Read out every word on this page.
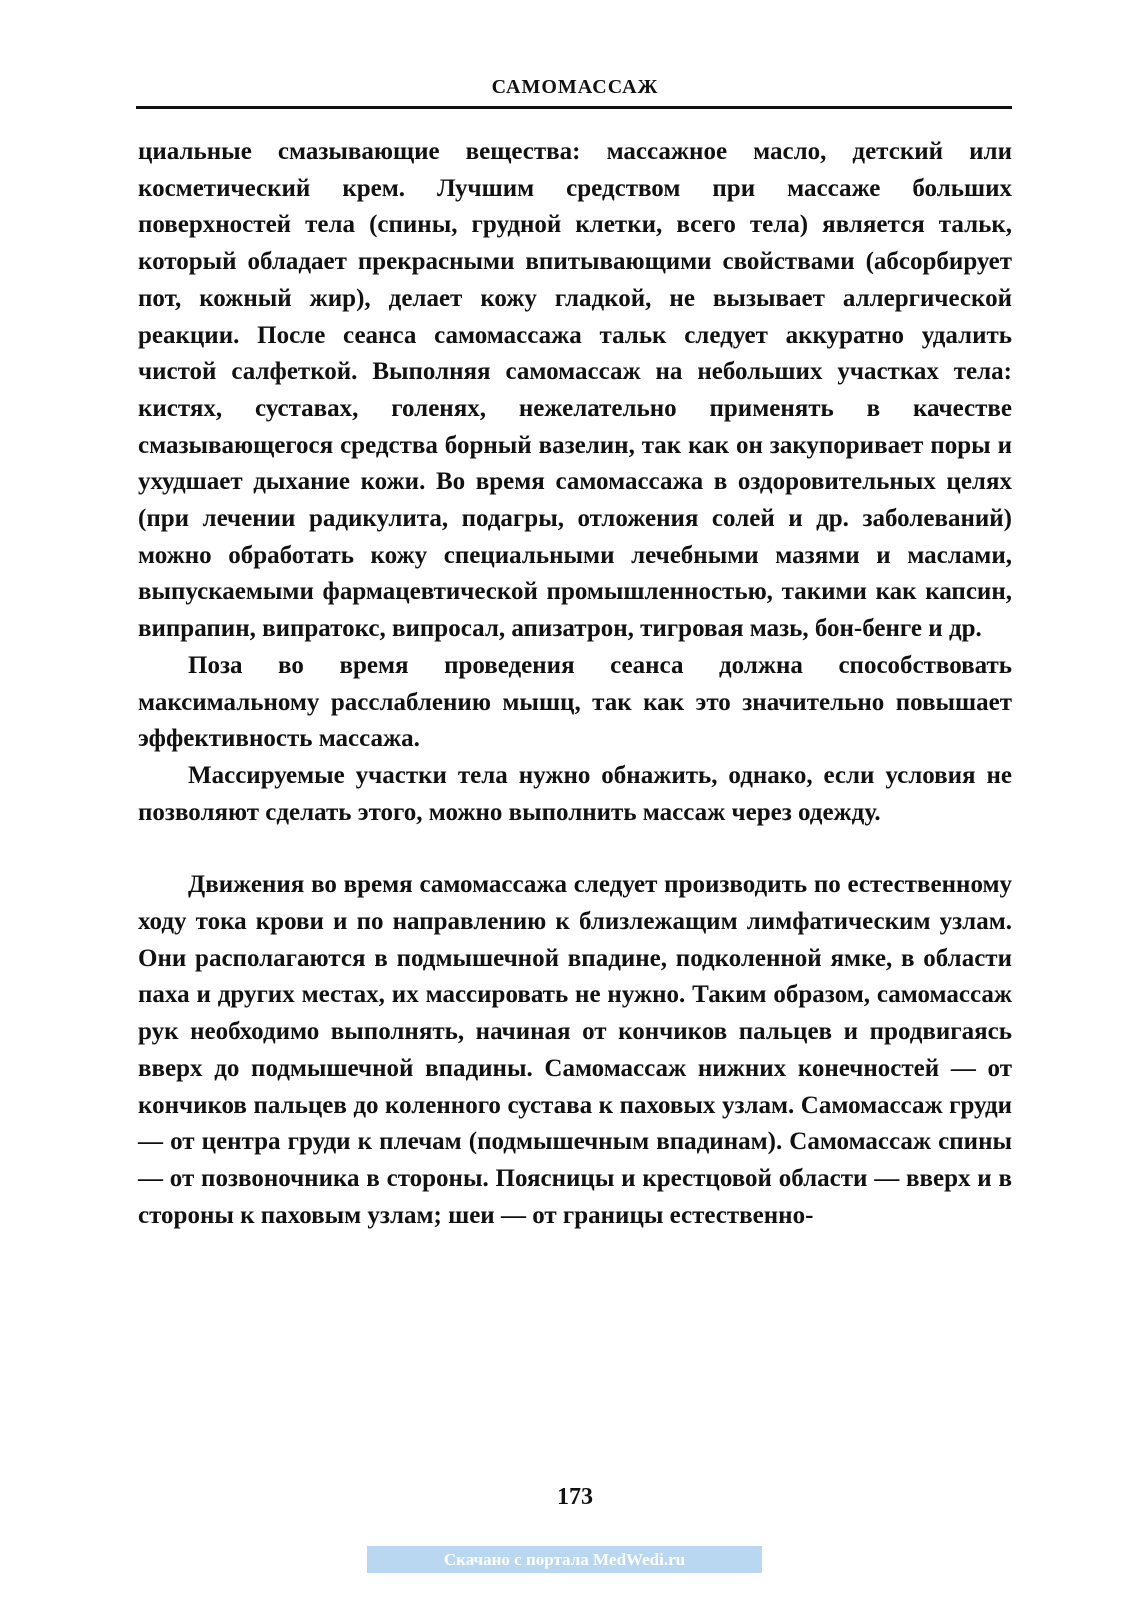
САМОМАССАЖ

циальные смазывающие вещества: массажное масло, детский или косметический крем. Лучшим средством при массаже больших поверхностей тела (спины, грудной клетки, всего тела) является тальк, который обладает прекрасными впитывающими свойствами (абсорбирует пот, кожный жир), делает кожу гладкой, не вызывает аллергической реакции. После сеанса самомассажа тальк следует аккуратно удалить чистой салфеткой. Выполняя самомассаж на небольших участках тела: кистях, суставах, голенях, нежелательно применять в качестве смазывающегося средства борный вазелин, так как он закупоривает поры и ухудшает дыхание кожи. Во время самомассажа в оздоровительных целях (при лечении радикулита, подагры, отложения солей и др. заболеваний) можно обработать кожу специальными лечебными мазями и маслами, выпускаемыми фармацевтической промышленностью, такими как капсин, випрапин, випратокс, випросал, апизатрон, тигровая мазь, бон-бенге и др.

Поза во время проведения сеанса должна способствовать максимальному расслаблению мышц, так как это значительно повышает эффективность массажа.

Массируемые участки тела нужно обнажить, однако, если условия не позволяют сделать этого, можно выполнить массаж через одежду.

Движения во время самомассажа следует производить по естественному ходу тока крови и по направлению к близлежащим лимфатическим узлам. Они располагаются в подмышечной впадине, подколенной ямке, в области паха и других местах, их массировать не нужно. Таким образом, самомассаж рук необходимо выполнять, начиная от кончиков пальцев и продвигаясь вверх до подмышечной впадины. Самомассаж нижних конечностей — от кончиков пальцев до коленного сустава к паховых узлам. Самомассаж груди — от центра груди к плечам (подмышечным впадинам). Самомассаж спины — от позвоночника в стороны. Поясницы и крестцовой области — вверх и в стороны к паховым узлам; шеи — от границы естественно-

173
Скачано с портала MedWedi.ru
